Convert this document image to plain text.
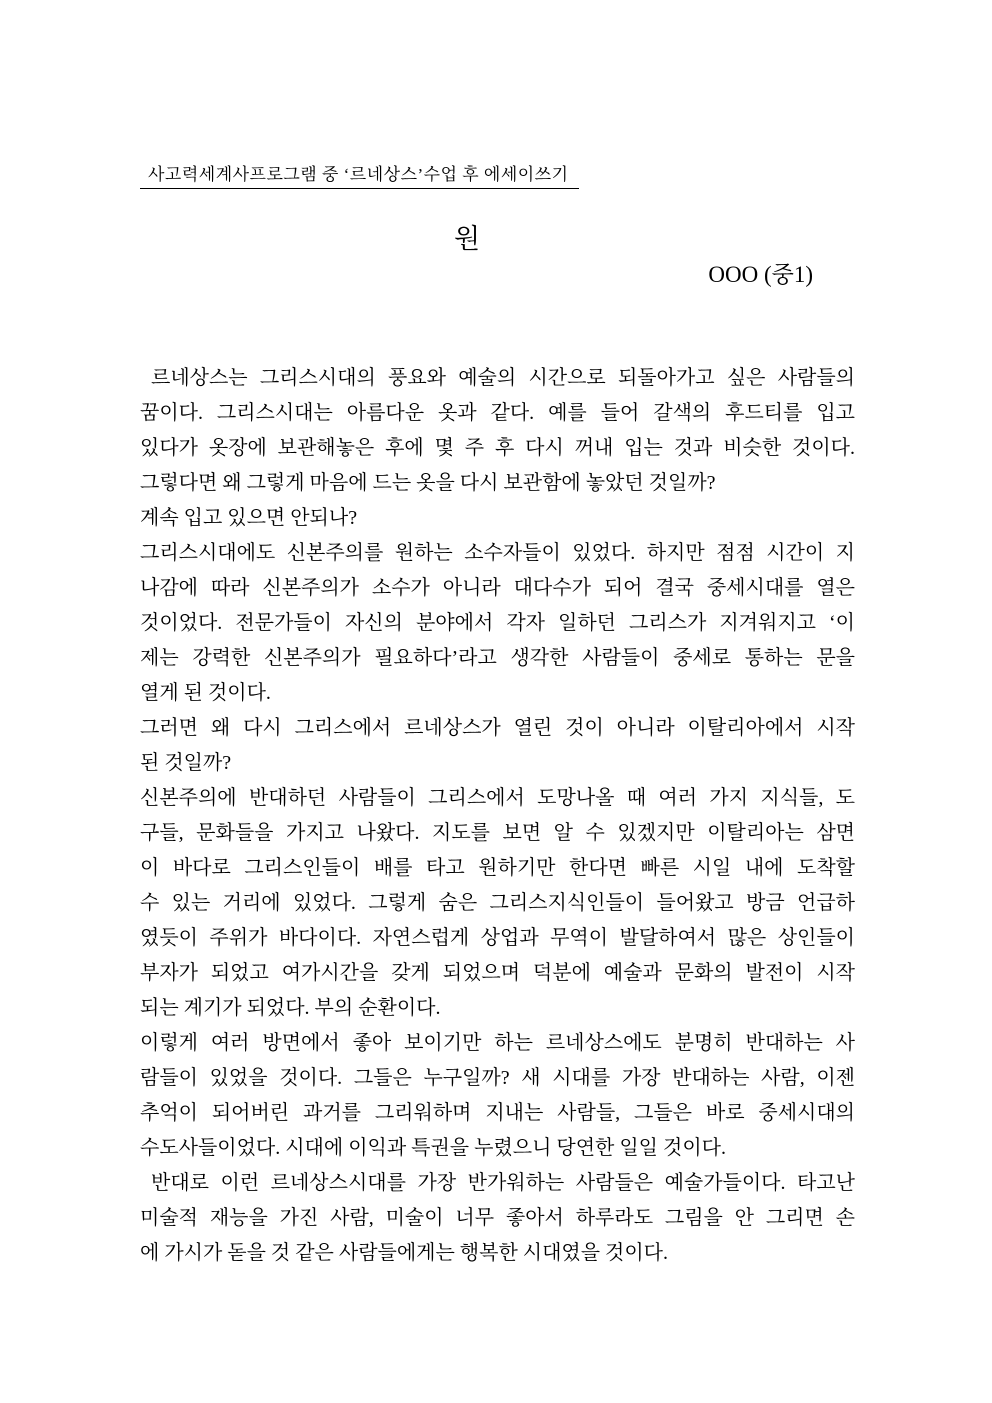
사고력세계사프로그램 중 ‘르네상스’수업 후 에세이쓰기
원
OOO (중1)
르네상스는 그리스시대의 풍요와 예술의 시간으로 되돌아가고 싶은 사람들의
꿈이다. 그리스시대는 아름다운 옷과 같다. 예를 들어 갈색의 후드티를 입고
있다가 옷장에 보관해놓은 후에 몇 주 후 다시 꺼내 입는 것과 비슷한 것이다.
그렇다면 왜 그렇게 마음에 드는 옷을 다시 보관함에 놓았던 것일까?
계속 입고 있으면 안되나?
그리스시대에도 신본주의를 원하는 소수자들이 있었다. 하지만 점점 시간이 지
나감에 따라 신본주의가 소수가 아니라 대다수가 되어 결국 중세시대를 열은
것이었다. 전문가들이 자신의 분야에서 각자 일하던 그리스가 지겨워지고 ‘이
제는 강력한 신본주의가 필요하다’라고 생각한 사람들이 중세로 통하는 문을
열게 된 것이다.
그러면 왜 다시 그리스에서 르네상스가 열린 것이 아니라 이탈리아에서 시작
된 것일까?
신본주의에 반대하던 사람들이 그리스에서 도망나올 때 여러 가지 지식들, 도
구들, 문화들을 가지고 나왔다. 지도를 보면 알 수 있겠지만 이탈리아는 삼면
이 바다로 그리스인들이 배를 타고 원하기만 한다면 빠른 시일 내에 도착할
수 있는 거리에 있었다. 그렇게 숨은 그리스지식인들이 들어왔고 방금 언급하
였듯이 주위가 바다이다. 자연스럽게 상업과 무역이 발달하여서 많은 상인들이
부자가 되었고 여가시간을 갖게 되었으며 덕분에 예술과 문화의 발전이 시작
되는 계기가 되었다. 부의 순환이다.
이렇게 여러 방면에서 좋아 보이기만 하는 르네상스에도 분명히 반대하는 사
람들이 있었을 것이다. 그들은 누구일까? 새 시대를 가장 반대하는 사람, 이젠
추억이 되어버린 과거를 그리워하며 지내는 사람들, 그들은 바로 중세시대의
수도사들이었다. 시대에 이익과 특권을 누렸으니 당연한 일일 것이다.
반대로 이런 르네상스시대를 가장 반가워하는 사람들은 예술가들이다. 타고난
미술적 재능을 가진 사람, 미술이 너무 좋아서 하루라도 그림을 안 그리면 손
에 가시가 돋을 것 같은 사람들에게는 행복한 시대였을 것이다.
